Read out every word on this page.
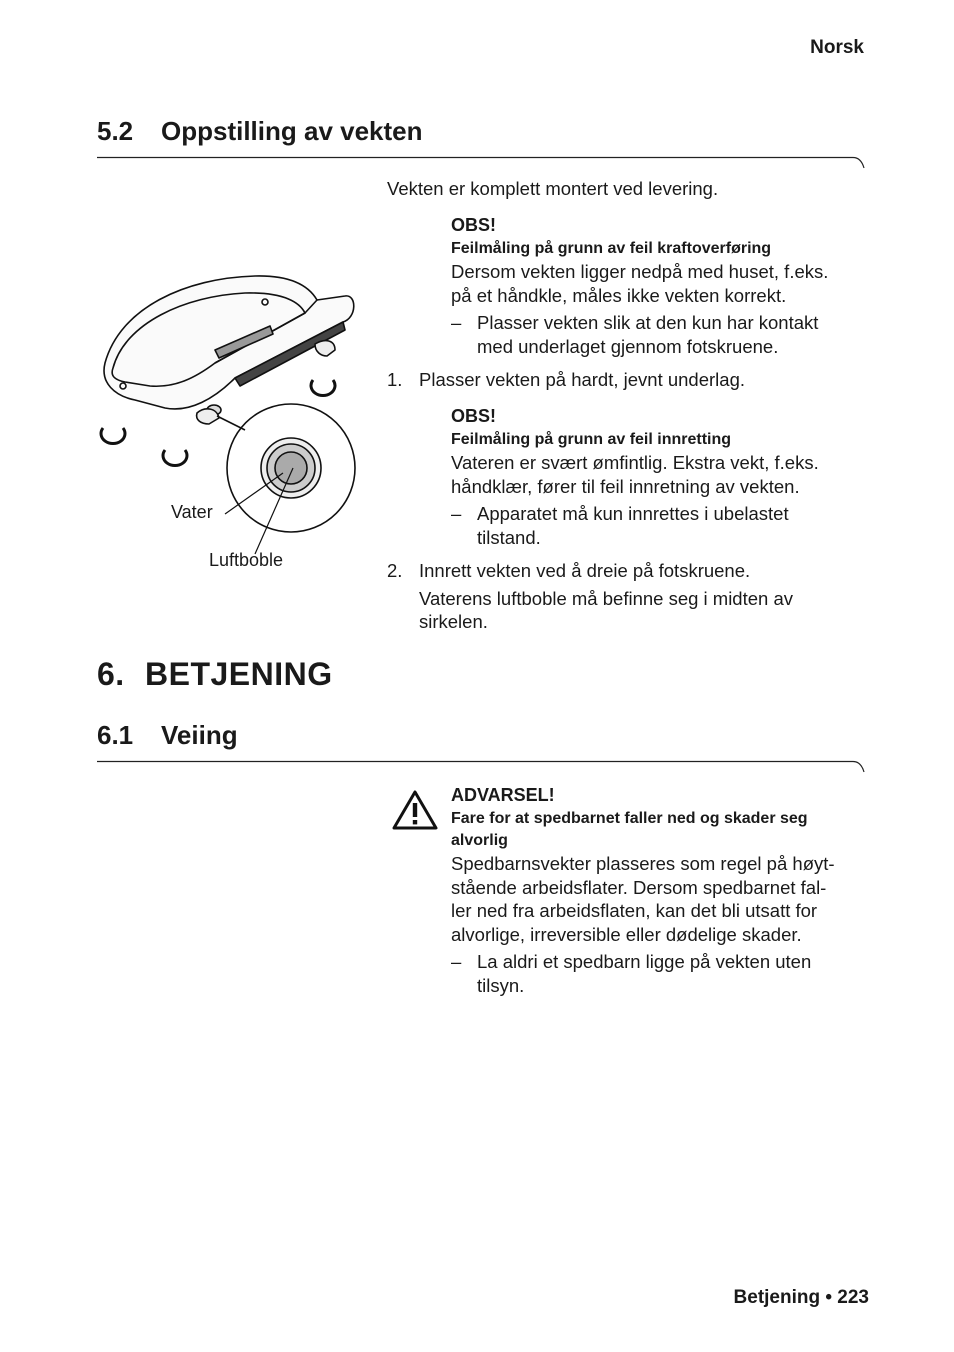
Norsk
5.2 Oppstilling av vekten
Vater
Luftboble
Vekten er komplett montert ved levering.
OBS!
Feilmåling på grunn av feil kraftoverføring
Dersom vekten ligger nedpå med huset, f.eks.
på et håndkle, måles ikke vekten korrekt.
– Plasser vekten slik at den kun har kontakt
med underlaget gjennom fotskruene.
1. Plasser vekten på hardt, jevnt underlag.
OBS!
Feilmåling på grunn av feil innretting
Vateren er svært ømfintlig. Ekstra vekt, f.eks.
håndklær, fører til feil innretning av vekten.
– Apparatet må kun innrettes i ubelastet
tilstand.
2. Innrett vekten ved å dreie på fotskruene.
Vaterens luftboble må befinne seg i midten av
sirkelen.
6. BETJENING
6.1 Veiing
ADVARSEL!
Fare for at spedbarnet faller ned og skader seg
alvorlig
Spedbarnsvekter plasseres som regel på høyt-
stående arbeidsflater. Dersom spedbarnet fal-
ler ned fra arbeidsflaten, kan det bli utsatt for
alvorlige, irreversible eller dødelige skader.
– La aldri et spedbarn ligge på vekten uten
tilsyn.
Betjening • 223
